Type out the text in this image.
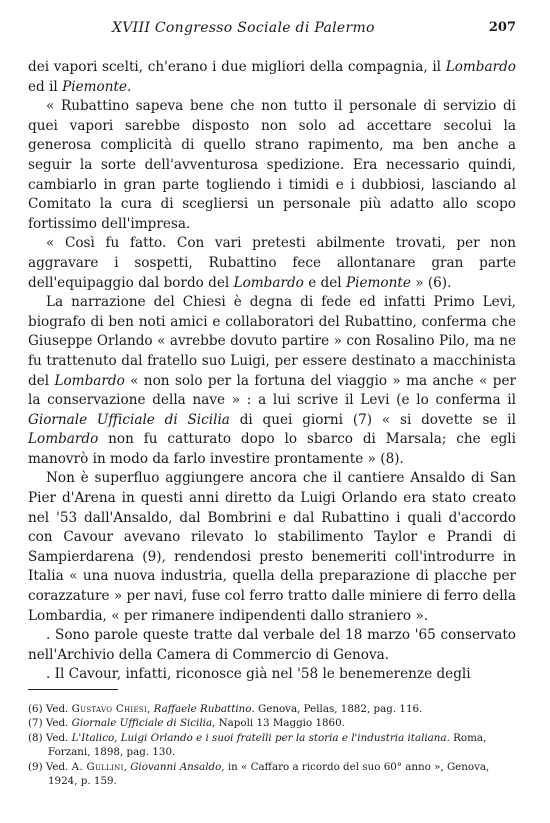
XVIII Congresso Sociale di Palermo	207

dei vapori scelti, ch'erano i due migliori della compagnia, il Lombardo ed il Piemonte.

« Rubattino sapeva bene che non tutto il personale di servizio di quei vapori sarebbe disposto non solo ad accettare secolui la generosa complicità di quello strano rapimento, ma ben anche a seguir la sorte dell'avventurosa spedizione. Era necessario quindi, cambiarlo in gran parte togliendo i timidi e i dubbiosi, lasciando al Comitato la cura di scegliersi un personale più adatto allo scopo fortissimo dell'impresa.

« Così fu fatto. Con vari pretesti abilmente trovati, per non aggravare i sospetti, Rubattino fece allontanare gran parte dell'equipaggio dal bordo del Lombardo e del Piemonte » (6).

La narrazione del Chiesi è degna di fede ed infatti Primo Levi, biografo di ben noti amici e collaboratori del Rubattino, conferma che Giuseppe Orlando « avrebbe dovuto partire » con Rosalino Pilo, ma ne fu trattenuto dal fratello suo Luigi, per essere destinato a macchinista del Lombardo « non solo per la fortuna del viaggio » ma anche « per la conservazione della nave » : a lui scrive il Levi (e lo conferma il Giornale Ufficiale di Sicilia di quei giorni (7) « si dovette se il Lombardo non fu catturato dopo lo sbarco di Marsala; che egli manovrò in modo da farlo investire prontamente » (8).

Non è superfluo aggiungere ancora che il cantiere Ansaldo di San Pier d'Arena in questi anni diretto da Luigi Orlando era stato creato nel '53 dall'Ansaldo, dal Bombrini e dal Rubattino i quali d'accordo con Cavour avevano rilevato lo stabilimento Taylor e Prandi di Sampierdarena (9), rendendosi presto benemeriti coll'introdurre in Italia « una nuova industria, quella della preparazione di placche per corazzature » per navi, fuse col ferro tratto dalle miniere di ferro della Lombardia, « per rimanere indipendenti dallo straniero ».

. Sono parole queste tratte dal verbale del 18 marzo '65 conservato nell'Archivio della Camera di Commercio di Genova.

. Il Cavour, infatti, riconosce già nel '58 le benemerenze degli

(6) Ved. Gustavo Chiesi, Raffaele Rubattino. Genova, Pellas, 1882, pag. 116.

(7) Ved. Giornale Ufficiale di Sicilia, Napoli 13 Maggio 1860.

(8) Ved. L'Italico, Luigi Orlando e i suoi fratelli per la storia e l'industria italiana. Roma, Forzani, 1898, pag. 130.

(9) Ved. A. Gullini, Giovanni Ansaldo, in « Caffaro a ricordo del suo 60° anno », Genova, 1924, p. 159.
